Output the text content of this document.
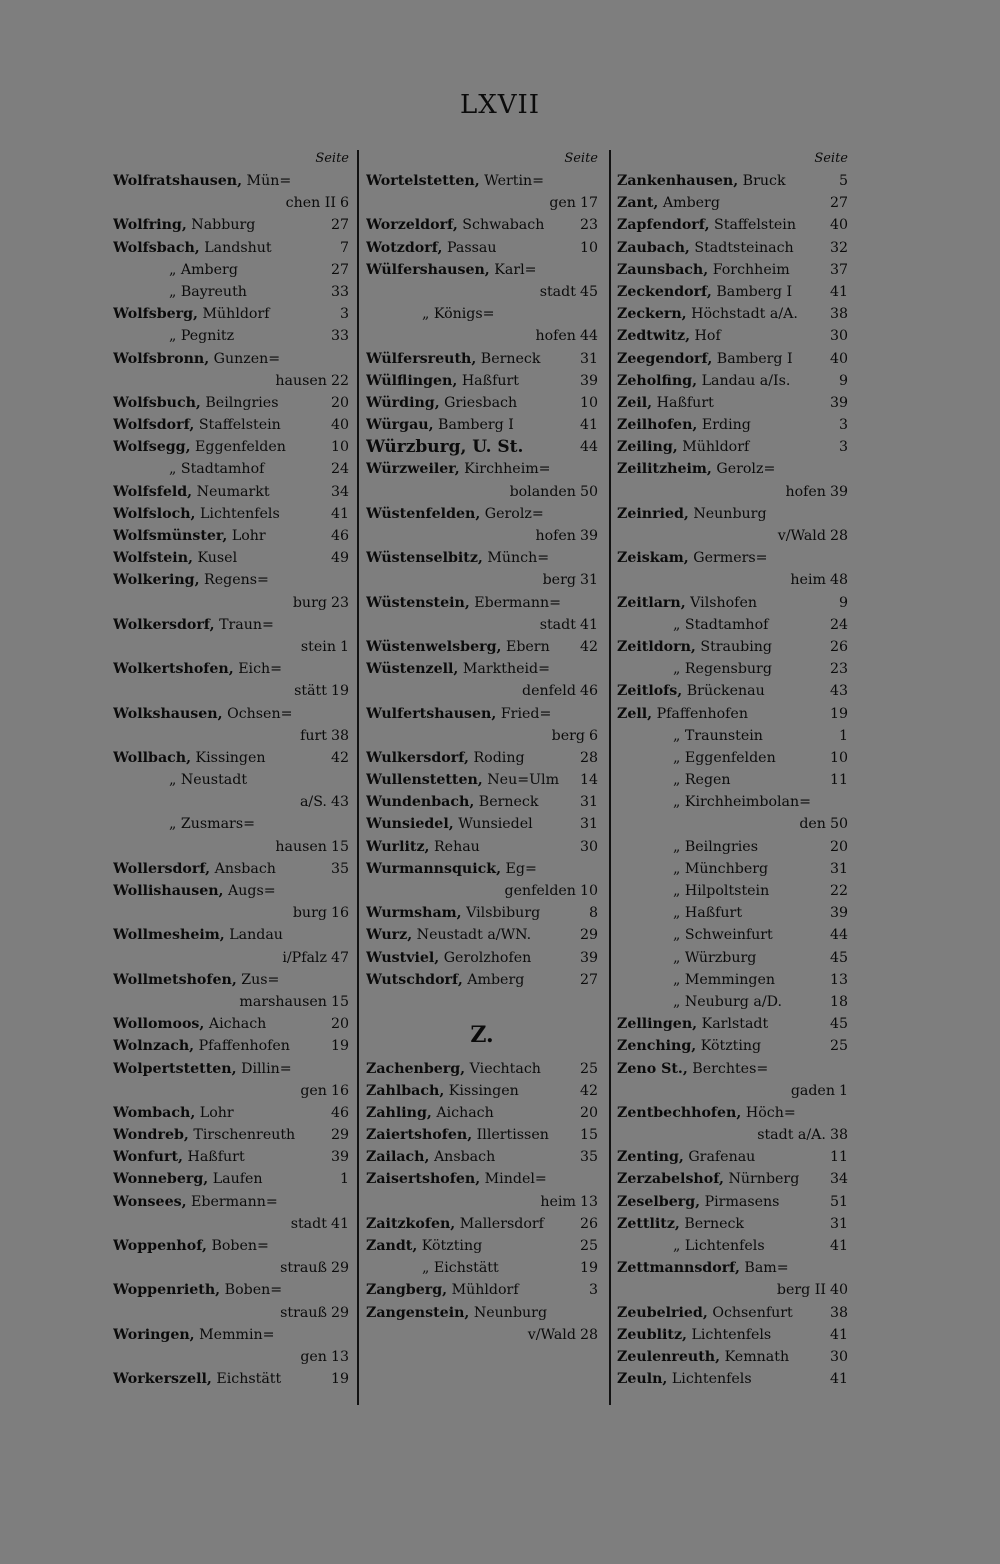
LXVII
Seite
Wolfratshausen, Mün=
chen II 6
Wolfring, Nabburg	27
Wolfsbach, Landshut	7
„ Amberg	27
„ Bayreuth	33
Wolfsberg, Mühldorf	3
„ Pegnitz	33
Wolfsbronn, Gunzen=
hausen 22
Wolfsbuch, Beilngries	20
Wolfsdorf, Staffelstein	40
Wolfsegg, Eggenfelden	10
„ Stadtamhof	24
Wolfsfeld, Neumarkt	34
Wolfsloch, Lichtenfels	41
Wolfsmünster, Lohr	46
Wolfstein, Kusel	49
Wolkering, Regens=
burg 23
Wolkersdorf, Traun=
stein 1
Wolkertshofen, Eich=
stätt 19
Wolkshausen, Ochsen=
furt 38
Wollbach, Kissingen	42
„ Neustadt
a/S. 43
„ Zusmars=
hausen 15
Wollersdorf, Ansbach	35
Wollishausen, Augs=
burg 16
Wollmesheim, Landau
i/Pfalz 47
Wollmetshofen, Zus=
marshausen 15
Wollomoos, Aichach	20
Wolnzach, Pfaffenhofen	19
Wolpertstetten, Dillin=
gen 16
Wombach, Lohr	46
Wondreb, Tirschenreuth	29
Wonfurt, Haßfurt	39
Wonneberg, Laufen	1
Wonsees, Ebermann=
stadt 41
Woppenhof, Boben=
strauß 29
Woppenrieth, Boben=
strauß 29
Woringen, Memmin=
gen 13
Workerszell, Eichstätt	19
Seite
Wortelstetten, Wertin=
gen 17
Worzeldorf, Schwabach	23
Wotzdorf, Passau	10
Wülfershausen, Karl=
stadt 45
„ Königs=
hofen 44
Wülfersreuth, Berneck	31
Wülflingen, Haßfurt	39
Würding, Griesbach	10
Würgau, Bamberg I	41
Würzburg, U. St.	44
Würzweiler, Kirchheim=
bolanden 50
Wüstenfelden, Gerolz=
hofen 39
Wüstenselbitz, Münch=
berg 31
Wüstenstein, Ebermann=
stadt 41
Wüstenwelsberg, Ebern	42
Wüstenzell, Marktheid=
denfeld 46
Wulfertshausen, Fried=
berg 6
Wulkersdorf, Roding	28
Wullenstetten, Neu=Ulm	14
Wundenbach, Berneck	31
Wunsiedel, Wunsiedel	31
Wurlitz, Rehau	30
Wurmannsquick, Eg=
genfelden 10
Wurmsham, Vilsbiburg	8
Wurz, Neustadt a/WN.	29
Wustviel, Gerolzhofen	39
Wutschdorf, Amberg	27
Z.
Zachenberg, Viechtach	25
Zahlbach, Kissingen	42
Zahling, Aichach	20
Zaiertshofen, Illertissen	15
Zailach, Ansbach	35
Zaisertshofen, Mindel=
heim 13
Zaitzkofen, Mallersdorf	26
Zandt, Kötzting	25
„ Eichstätt	19
Zangberg, Mühldorf	3
Zangenstein, Neunburg
v/Wald 28
Seite
Zankenhausen, Bruck	5
Zant, Amberg	27
Zapfendorf, Staffelstein	40
Zaubach, Stadtsteinach	32
Zaunsbach, Forchheim	37
Zeckendorf, Bamberg I	41
Zeckern, Höchstadt a/A.	38
Zedtwitz, Hof	30
Zeegendorf, Bamberg I	40
Zeholfing, Landau a/Is.	9
Zeil, Haßfurt	39
Zeilhofen, Erding	3
Zeiling, Mühldorf	3
Zeilitzheim, Gerolz=
hofen 39
Zeinried, Neunburg
v/Wald 28
Zeiskam, Germers=
heim 48
Zeitlarn, Vilshofen	9
„ Stadtamhof	24
Zeitldorn, Straubing	26
„ Regensburg	23
Zeitlofs, Brückenau	43
Zell, Pfaffenhofen	19
„ Traunstein	1
„ Eggenfelden	10
„ Regen	11
„ Kirchheimbolan=
den 50
„ Beilngries	20
„ Münchberg	31
„ Hilpoltstein	22
„ Haßfurt	39
„ Schweinfurt	44
„ Würzburg	45
„ Memmingen	13
„ Neuburg a/D.	18
Zellingen, Karlstadt	45
Zenching, Kötzting	25
Zeno St., Berchtes=
gaden 1
Zentbechhofen, Höch=
stadt a/A. 38
Zenting, Grafenau	11
Zerzabelshof, Nürnberg	34
Zeselberg, Pirmasens	51
Zettlitz, Berneck	31
„ Lichtenfels	41
Zettmannsdorf, Bam=
berg II 40
Zeubelried, Ochsenfurt	38
Zeublitz, Lichtenfels	41
Zeulenreuth, Kemnath	30
Zeuln, Lichtenfels	41
